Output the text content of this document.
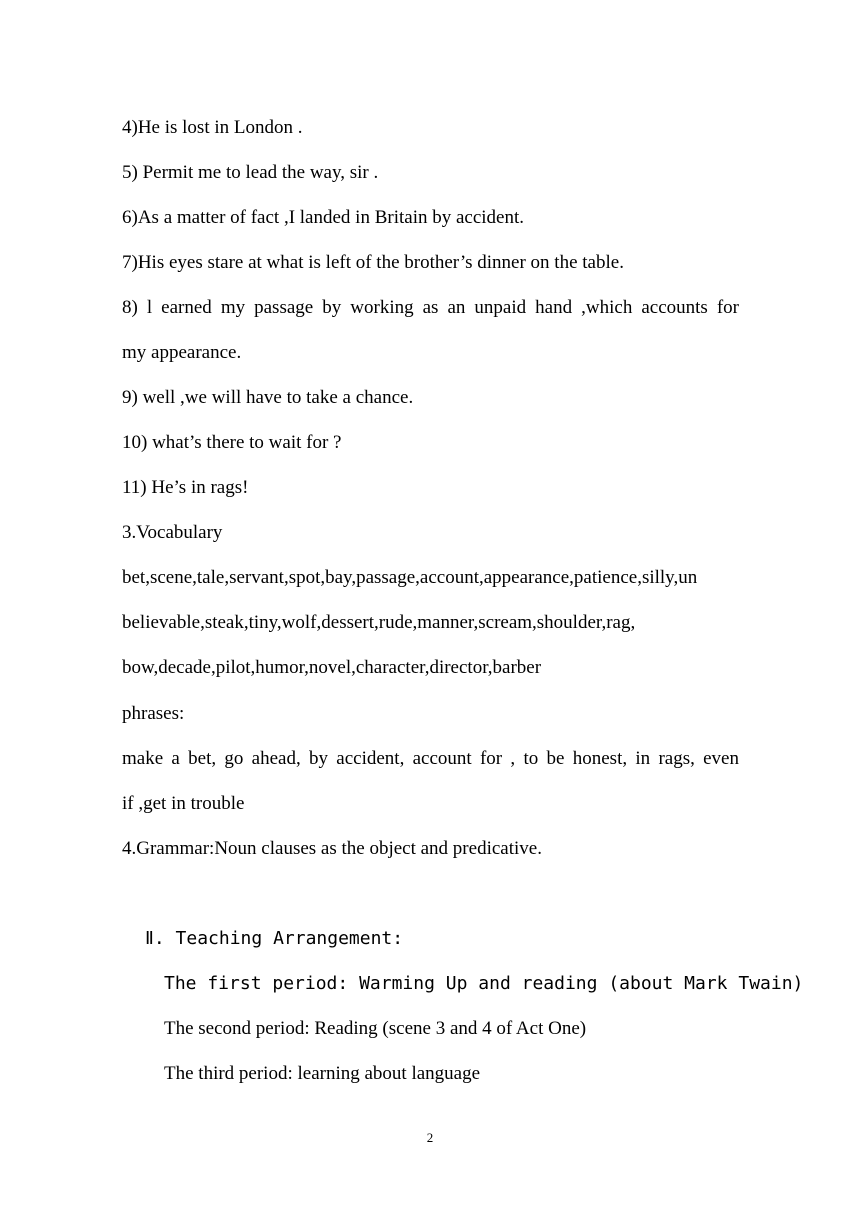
4)He is lost in London .
5) Permit me to lead the way, sir .
6)As a matter of fact ,I landed in Britain by accident.
7)His eyes stare at what is left of the brother’s dinner on the table.
8) l earned my passage by working as an unpaid hand ,which accounts for
my appearance.
9) well ,we will have to take a chance.
10) what’s there to wait for ?
11) He’s in rags!
3.Vocabulary
bet,scene,tale,servant,spot,bay,passage,account,appearance,patience,silly,un
believable,steak,tiny,wolf,dessert,rude,manner,scream,shoulder,rag,
bow,decade,pilot,humor,novel,character,director,barber
phrases:
make a bet, go ahead, by accident, account for , to be honest, in rags, even
if ,get in trouble
4.Grammar:Noun clauses as the object and predicative.
Ⅱ. Teaching Arrangement:
The first period: Warming Up and reading (about Mark Twain)
The second period: Reading (scene 3 and 4 of Act One)
The third period: learning about language
2
